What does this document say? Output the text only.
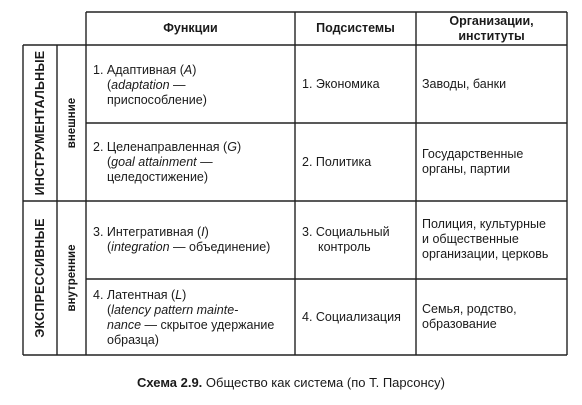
Функции	Подсистемы
Организации,
институты
ИНСТРУМЕНТАЛЬНЫЕ
ЭКСПРЕССИВНЫЕ
внешние
внутренние
1. Адаптивная (A)
(adaptation —
приспособление)
1. Экономика	Заводы, банки
2. Целенаправленная (G)
(goal attainment —
целедостижение)
2. Политика
Государственные
органы, партии
3. Интегративная (I)
(integration — объединение)
3. Социальный
контроль
Полиция, культурные
и общественные
организации, церковь
4. Латентная (L)
(latency pattern mainte-
nance — скрытое удержание
образца)
4. Социализация
Семья, родство,
образование
Схема 2.9. Общество как система (по Т. Парсонсу)
